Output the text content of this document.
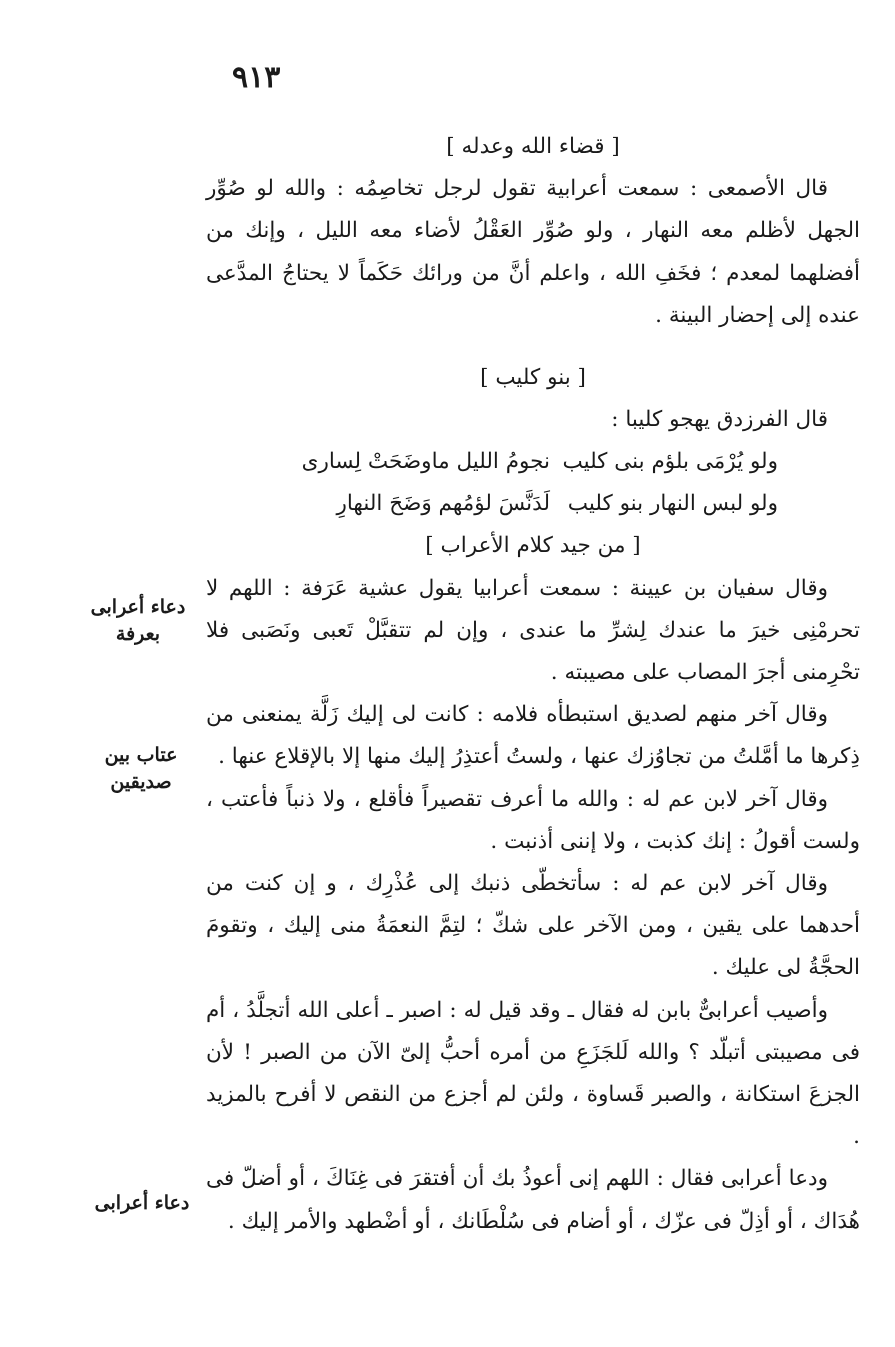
٩١٣
دعاء أعرابى
بعرفة
عتاب بين
صديقين
دعاء أعرابى
[ قضاء الله وعدله ]

قال الأصمعى : سمعت أعرابية تقول لرجل تخاصِمُه : والله لو صُوِّر الجهل لأظلم معه النهار ، ولو صُوِّر العَقْلُ لأضاء معه الليل ، وإنك من أفضلهما لمعدم ؛ فخَفِ الله ، واعلم أنَّ من ورائك حَكَماً لا يحتاجُ المدَّعى عنده إلى إحضار البينة .

[ بنو كليب ]

قال الفرزدق يهجو كليبا :

ولو يُرْمَى بلؤم بنى كليب
نجومُ الليل ماوضَحَتْ لِسارى
ولو لبس النهار بنو كليب
لَدَنَّسَ لؤمُهم وَضَحَ النهارِ
[ من جيد كلام الأعراب ]

وقال سفيان بن عيينة : سمعت أعرابيا يقول عشية عَرَفة : اللهم لا تحرمْنِى خيرَ ما عندك لِشرِّ ما عندى ، وإن لم تتقبَّلْ تَعبى ونَصَبى فلا تحْرِمنى أجرَ المصاب على مصيبته .

وقال آخر منهم لصديق استبطأه فلامه : كانت لى إليك زَلَّة يمنعنى من ذِكرها ما أمَّلتُ من تجاوُزك عنها ، ولستُ أعتذِرُ إليك منها إلا بالإقلاع عنها .

وقال آخر لابن عم له : والله ما أعرف تقصيراً فأقلع ، ولا ذنباً فأعتب ، ولست أقولُ : إنك كذبت ، ولا إننى أذنبت .

وقال آخر لابن عم له : سأتخطّى ذنبك إلى عُذْرِك ، و إن كنت من أحدهما على يقين ، ومن الآخر على شكّ ؛ لتِمَّ النعمَةُ منى إليك ، وتقومَ الحجَّةُ لى عليك .

وأصيب أعرابىٌّ بابن له فقال ـ وقد قيل له : اصبر ـ أعلى الله أتجلَّدُ ، أم فى مصيبتى أتبلّد ؟ والله لَلجَزَعِ من أمره أحبُّ إلىّ الآن من الصبر ! لأن الجزعَ استكانة ، والصبر قَساوة ، ولئن لم أجزع من النقص لا أفرح بالمزيد .

ودعا أعرابى فقال : اللهم إنى أعوذُ بك أن أفتقرَ فى غِنَاكَ ، أو أضلّ فى هُدَاك ، أو أذِلّ فى عزّك ، أو أضام فى سُلْطَانك ، أو أضْطهد والأمر إليك .
